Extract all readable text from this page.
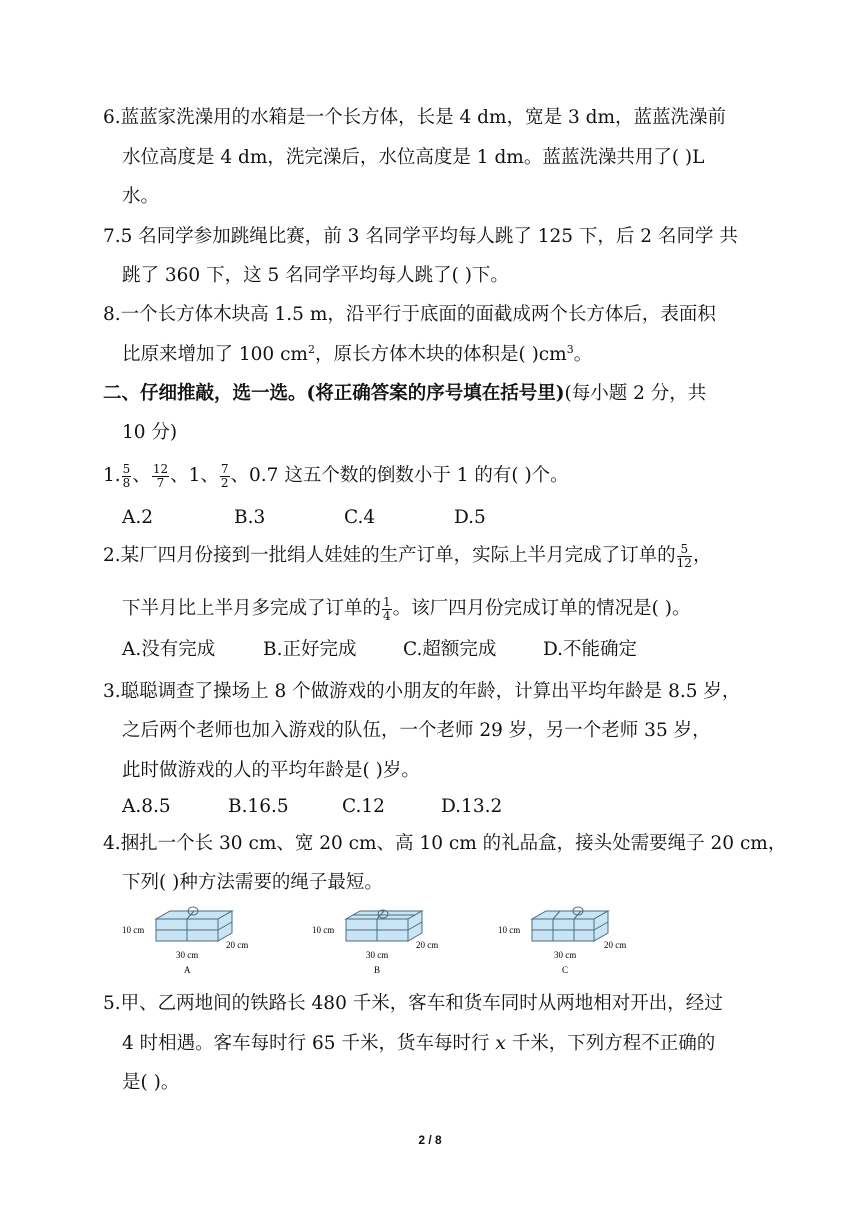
6.蓝蓝家洗澡用的水箱是一个长方体，长是 4 dm，宽是 3 dm，蓝蓝洗澡前
水位高度是 4 dm，洗完澡后，水位高度是 1 dm。蓝蓝洗澡共用了( )L
水。
7.5 名同学参加跳绳比赛，前 3 名同学平均每人跳了 125 下，后 2 名同学 共
跳了 360 下，这 5 名同学平均每人跳了( )下。
8.一个长方体木块高 1.5 m，沿平行于底面的面截成两个长方体后，表面积
比原来增加了 100 $cm^2$，原长方体木块的体积是( )$cm^3$。
二、仔细推敲，选一选。(将正确答案的序号填在括号里)(每小题 2 分，共
10 分)
1. $\frac{5}{8}$ 、 $\frac{12}{7}$ 、1、 $\frac{7}{2}$ 、0.7 这五个数的倒数小于 1 的有( )个。
A.2	B.3	C.4	D.5
2.某厂四月份接到一批绢人娃娃的生产订单，实际上半月完成了订单的 $\frac{5}{12}$ ，
下半月比上半月多完成了订单的 $\frac{1}{4}$ 。该厂四月份完成订单的情况是( )。
A.没有完成	B.正好完成	C.超额完成	D.不能确定
3.聪聪调查了操场上 8 个做游戏的小朋友的年龄，计算出平均年龄是 8.5 岁，
之后两个老师也加入游戏的队伍，一个老师 29 岁，另一个老师 35 岁，
此时做游戏的人的平均年龄是( )岁。
A.8.5	B.16.5	C.12	D.13.2
4.捆扎一个长 30 cm、宽 20 cm、高 10 cm 的礼品盒，接头处需要绳子 20 cm，
下列( )种方法需要的绳子最短。
10 cm
20 cm
30 cm
A
10 cm
20 cm
30 cm
B
10 cm
20 cm
30 cm
C
5.甲、乙两地间的铁路长 480 千米，客车和货车同时从两地相对开出，经过
4 时相遇。客车每时行 65 千米，货车每时行 x 千米，下列方程不正确的
是( )。
2 / 8
